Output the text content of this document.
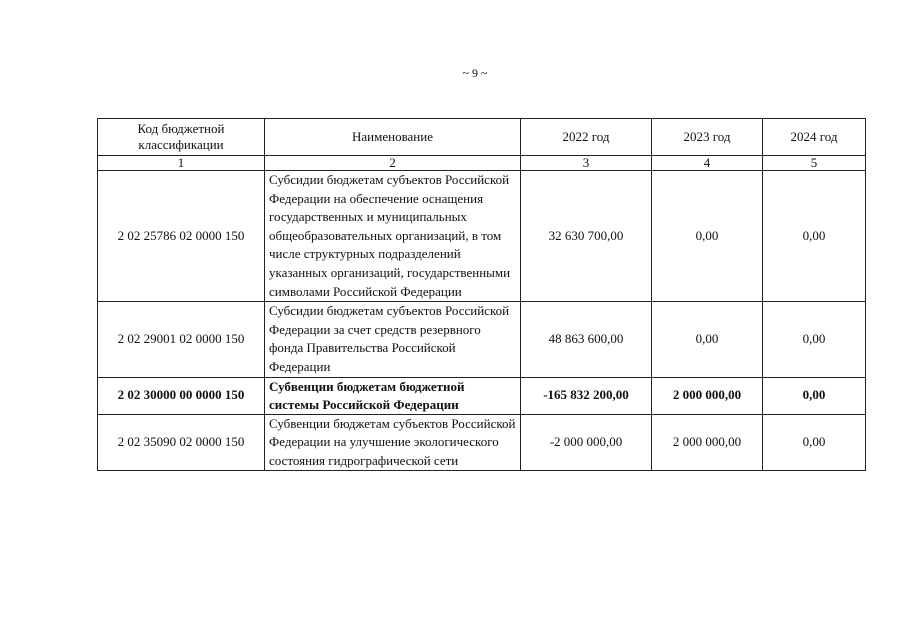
~ 9 ~
Код бюджетной классификации	Наименование	2022 год	2023 год	2024 год
1	2	3	4	5
2 02 25786 02 0000 150	Субсидии бюджетам субъектов Российской Федерации на обеспечение оснащения государственных и муниципальных общеобразовательных организаций, в том числе структурных подразделений указанных организаций, государственными символами Российской Федерации	32 630 700,00	0,00	0,00
2 02 29001 02 0000 150	Субсидии бюджетам субъектов Российской Федерации за счет средств резервного фонда Правительства Российской Федерации	48 863 600,00	0,00	0,00
2 02 30000 00 0000 150	Субвенции бюджетам бюджетной системы Российской Федерации	-165 832 200,00	2 000 000,00	0,00
2 02 35090 02 0000 150	Субвенции бюджетам субъектов Российской Федерации на улучшение экологического состояния гидрографической сети	-2 000 000,00	2 000 000,00	0,00
